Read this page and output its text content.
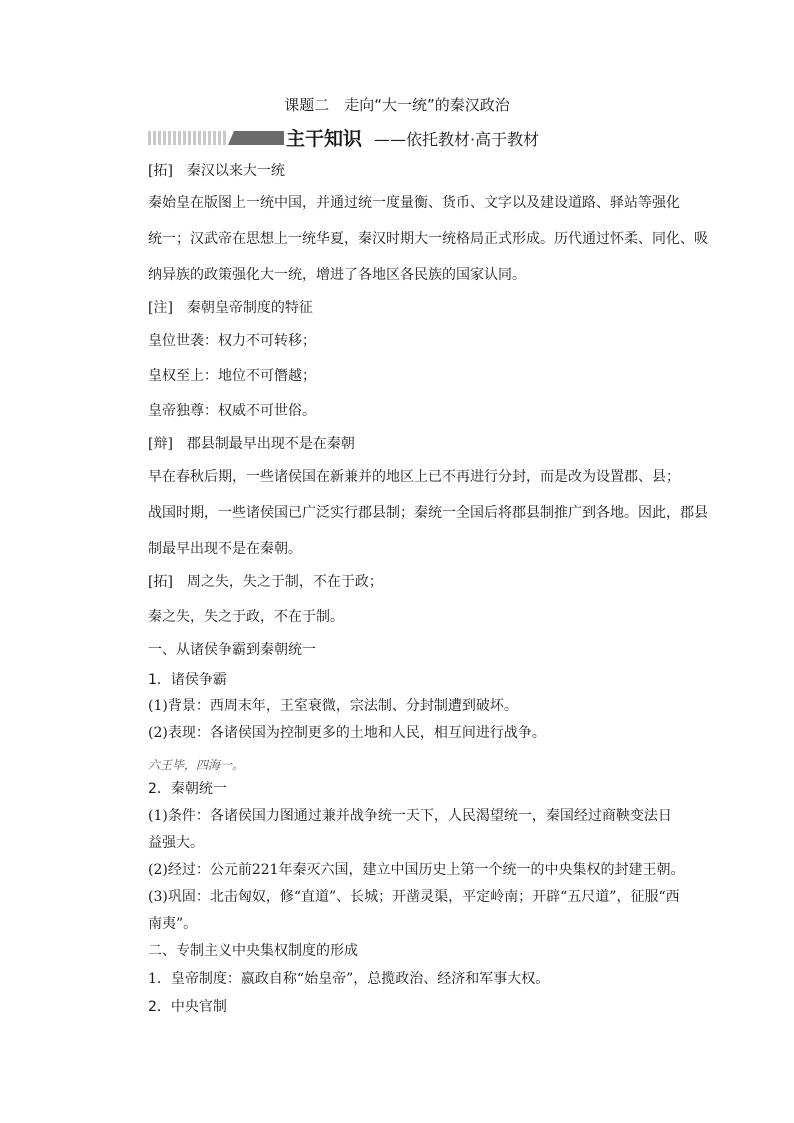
课题二　走向“大一统”的秦汉政治
主干知识 ——依托教材·高于教材
[拓]　秦汉以来大一统
秦始皇在版图上一统中国，并通过统一度量衡、货币、文字以及建设道路、驿站等强化
统一；汉武帝在思想上一统华夏，秦汉时期大一统格局正式形成。历代通过怀柔、同化、吸
纳异族的政策强化大一统，增进了各地区各民族的国家认同。
[注]　秦朝皇帝制度的特征
皇位世袭：权力不可转移；
皇权至上：地位不可僭越；
皇帝独尊：权威不可世俗。
[辩]　郡县制最早出现不是在秦朝
早在春秋后期，一些诸侯国在新兼并的地区上已不再进行分封，而是改为设置郡、县；
战国时期，一些诸侯国已广泛实行郡县制；秦统一全国后将郡县制推广到各地。因此，郡县
制最早出现不是在秦朝。
[拓]　周之失，失之于制，不在于政；
秦之失，失之于政，不在于制。
一、从诸侯争霸到秦朝统一
1．诸侯争霸
(1)背景：西周末年，王室衰微，宗法制、分封制遭到破坏。
(2)表现：各诸侯国为控制更多的土地和人民，相互间进行战争。
六王毕，四海一。
2．秦朝统一
(1)条件：各诸侯国力图通过兼并战争统一天下，人民渴望统一，秦国经过商鞅变法日
益强大。
(2)经过：公元前221年秦灭六国，建立中国历史上第一个统一的中央集权的封建王朝。
(3)巩固：北击匈奴，修“直道”、长城；开凿灵渠，平定岭南；开辟“五尺道”，征服“西
南夷”。
二、专制主义中央集权制度的形成
1．皇帝制度：嬴政自称“始皇帝”，总揽政治、经济和军事大权。
2．中央官制
